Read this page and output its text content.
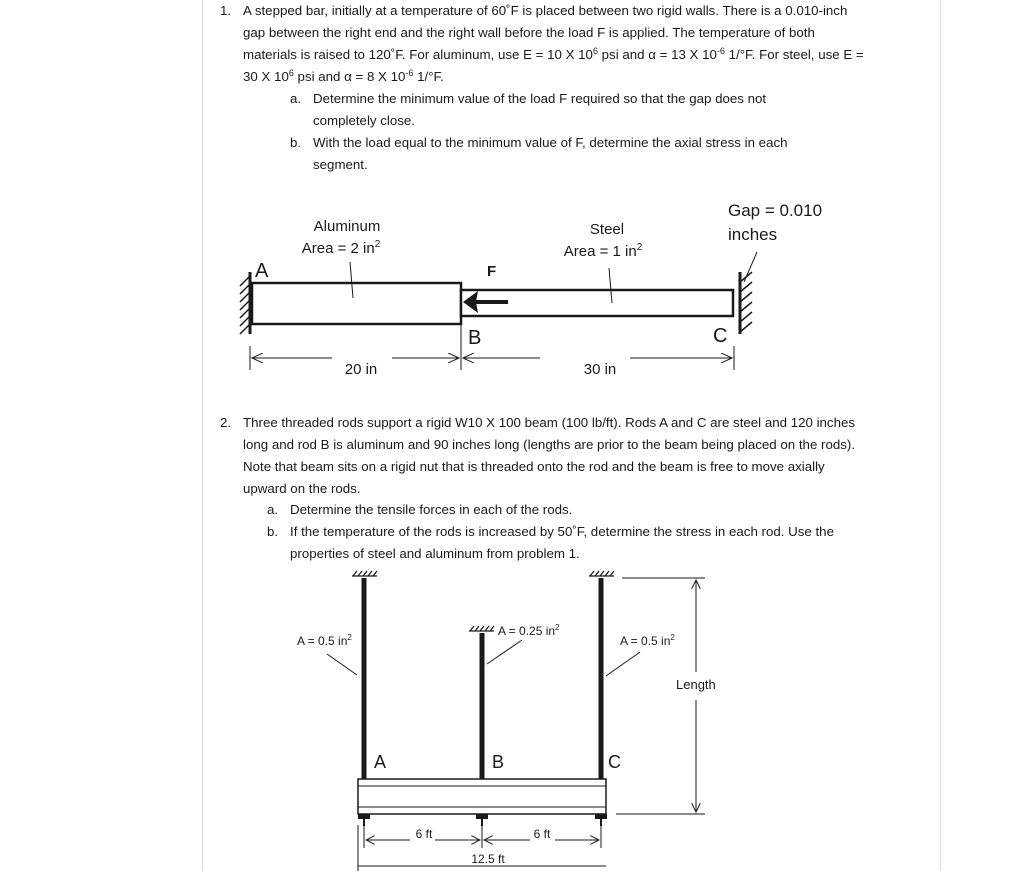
1. A stepped bar, initially at a temperature of 60˚F is placed between two rigid walls. There is a 0.010-inch gap between the right end and the right wall before the load F is applied. The temperature of both materials is raised to 120˚F. For aluminum, use E = 10 X $10^6$ psi and α = 13 X $10^{-6}$ 1/°F. For steel, use E = 30 X $10^6$ psi and α = 8 X $10^{-6}$ 1/°F.
a. Determine the minimum value of the load F required so that the gap does not completely close.
b. With the load equal to the minimum value of F, determine the axial stress in each segment.
2. Three threaded rods support a rigid W10 X 100 beam (100 lb/ft). Rods A and C are steel and 120 inches long and rod B is aluminum and 90 inches long (lengths are prior to the beam being placed on the rods). Note that beam sits on a rigid nut that is threaded onto the rod and the beam is free to move axially upward on the rods.
a. Determine the tensile forces in each of the rods.
b. If the temperature of the rods is increased by 50˚F, determine the stress in each rod. Use the properties of steel and aluminum from problem 1.
Aluminum
Area = 2 $in^2$
Steel
Area = 1 $in^2$
Gap = 0.010
inches
A	F
B	C
20 in	30 in
A = 0.5 $in^2$	A = 0.25 $in^2$
A = 0.5 $in^2$
Length
A	B	C
6 ft	6 ft
12.5 ft
